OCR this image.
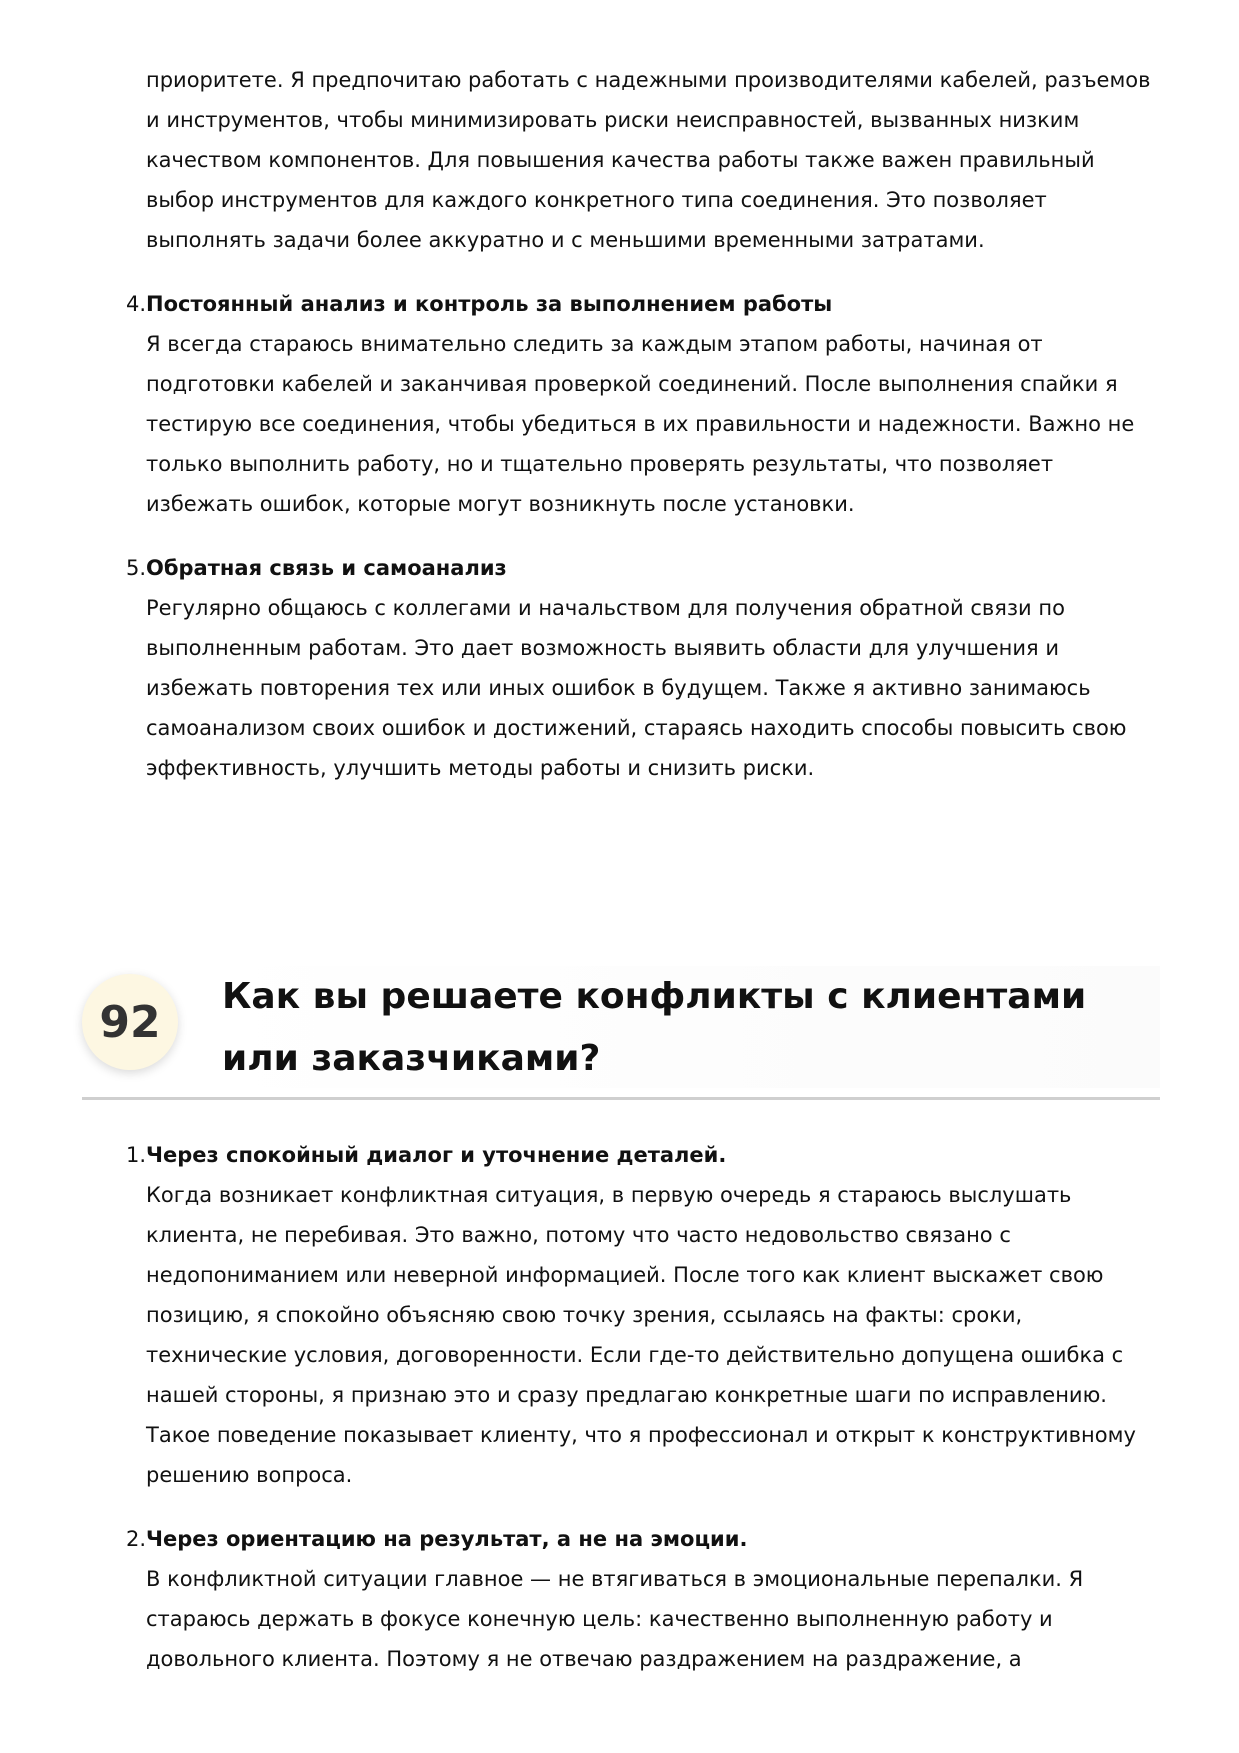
приоритете. Я предпочитаю работать с надежными производителями кабелей, разъемов и инструментов, чтобы минимизировать риски неисправностей, вызванных низким качеством компонентов. Для повышения качества работы также важен правильный выбор инструментов для каждого конкретного типа соединения. Это позволяет выполнять задачи более аккуратно и с меньшими временными затратами.

4. Постоянный анализ и контроль за выполнением работы
Я всегда стараюсь внимательно следить за каждым этапом работы, начиная от подготовки кабелей и заканчивая проверкой соединений. После выполнения спайки я тестирую все соединения, чтобы убедиться в их правильности и надежности. Важно не только выполнить работу, но и тщательно проверять результаты, что позволяет избежать ошибок, которые могут возникнуть после установки.
5. Обратная связь и самоанализ
Регулярно общаюсь с коллегами и начальством для получения обратной связи по выполненным работам. Это дает возможность выявить области для улучшения и избежать повторения тех или иных ошибок в будущем. Также я активно занимаюсь самоанализом своих ошибок и достижений, стараясь находить способы повысить свою эффективность, улучшить методы работы и снизить риски.
92	Как вы решаете конфликты с клиентами или заказчиками?
1. Через спокойный диалог и уточнение деталей.
Когда возникает конфликтная ситуация, в первую очередь я стараюсь выслушать клиента, не перебивая. Это важно, потому что часто недовольство связано с недопониманием или неверной информацией. После того как клиент выскажет свою позицию, я спокойно объясняю свою точку зрения, ссылаясь на факты: сроки, технические условия, договоренности. Если где-то действительно допущена ошибка с нашей стороны, я признаю это и сразу предлагаю конкретные шаги по исправлению. Такое поведение показывает клиенту, что я профессионал и открыт к конструктивному решению вопроса.
2. Через ориентацию на результат, а не на эмоции.
В конфликтной ситуации главное — не втягиваться в эмоциональные перепалки. Я стараюсь держать в фокусе конечную цель: качественно выполненную работу и довольного клиента. Поэтому я не отвечаю раздражением на раздражение, а
